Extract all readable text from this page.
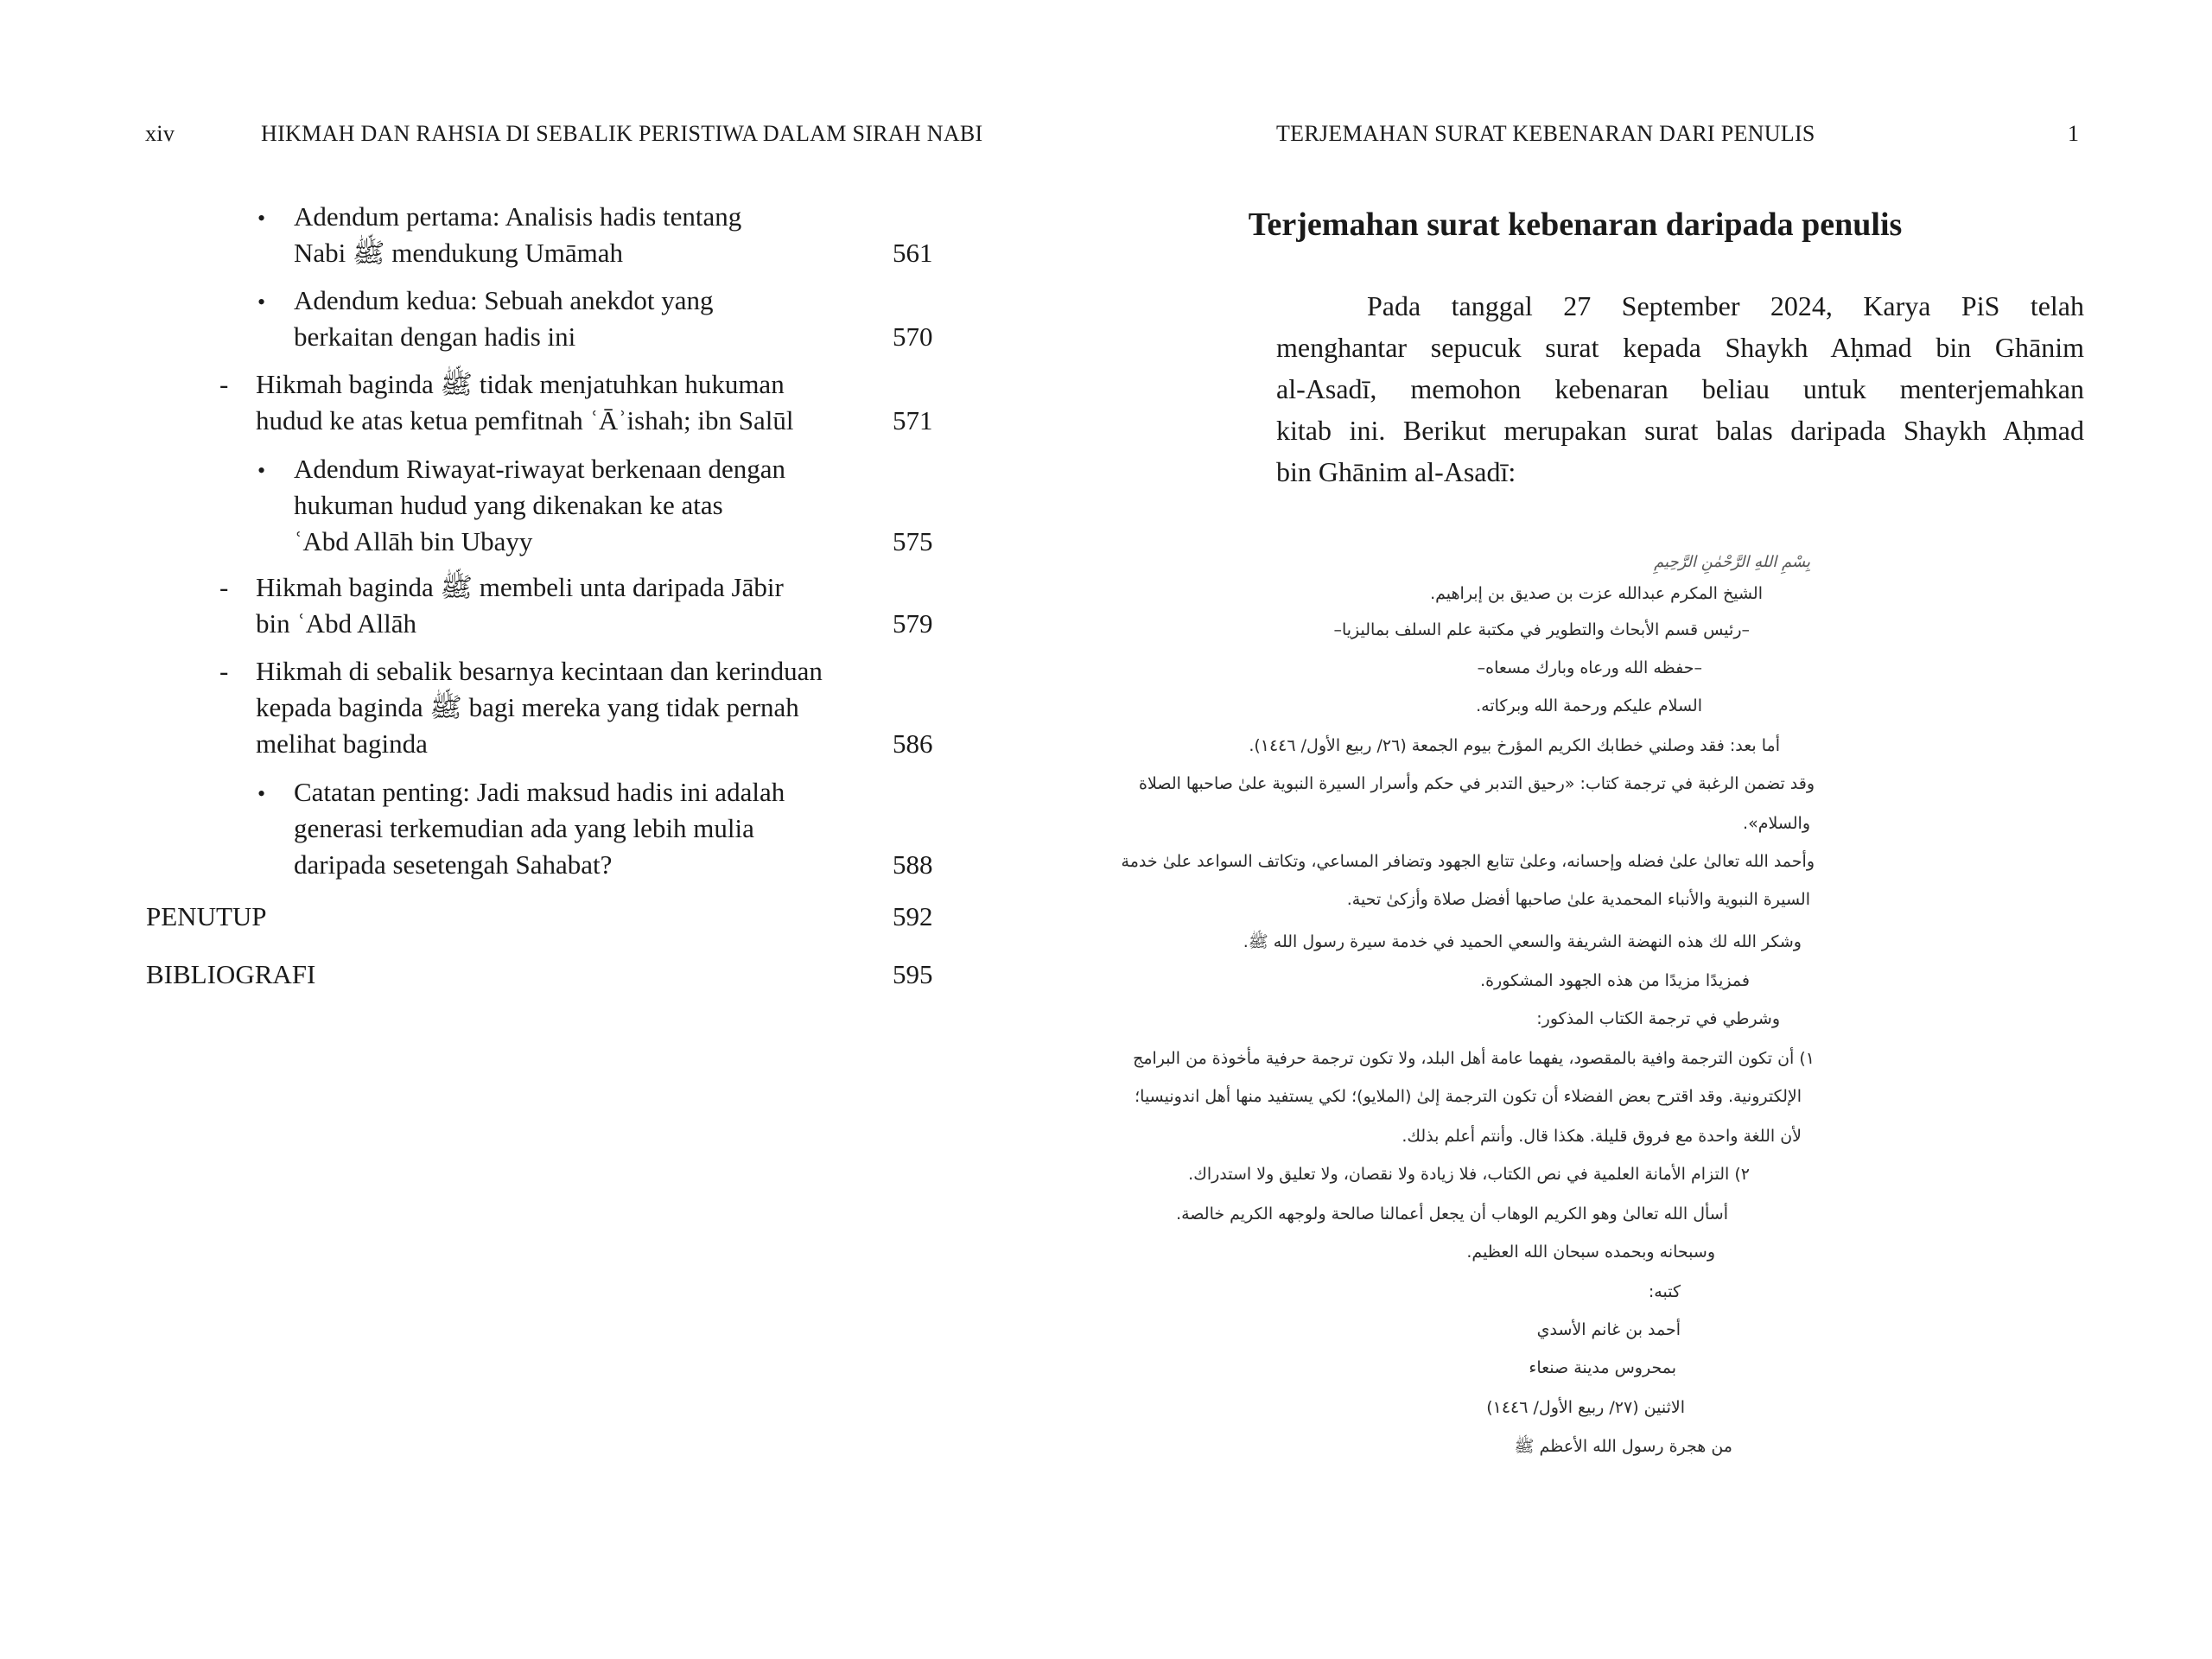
xiv	HIKMAH DAN RAHSIA DI SEBALIK PERISTIWA DALAM SIRAH NABI
• Adendum pertama: Analisis hadis tentang
Nabi ﷺ mendukung Umāmah	561
• Adendum kedua: Sebuah anekdot yang
berkaitan dengan hadis ini	570
- Hikmah baginda ﷺ tidak menjatuhkan hukuman
hudud ke atas ketua pemfitnah ʿĀʾishah; ibn Salūl	571
• Adendum Riwayat-riwayat berkenaan dengan
hukuman hudud yang dikenakan ke atas
ʿAbd Allāh bin Ubayy	575
- Hikmah baginda ﷺ membeli unta daripada Jābir
bin ʿAbd Allāh	579
- Hikmah di sebalik besarnya kecintaan dan kerinduan
kepada baginda ﷺ bagi mereka yang tidak pernah
melihat baginda	586
• Catatan penting: Jadi maksud hadis ini adalah
generasi terkemudian ada yang lebih mulia
daripada sesetengah Sahabat?	588
PENUTUP	592
BIBLIOGRAFI	595
TERJEMAHAN SURAT KEBENARAN DARI PENULIS	1
Terjemahan surat kebenaran daripada penulis
Pada tanggal 27 September 2024, Karya PiS telah
menghantar sepucuk surat kepada Shaykh Aḥmad bin Ghānim
al-Asadī, memohon kebenaran beliau untuk menterjemahkan
kitab ini. Berikut merupakan surat balas daripada Shaykh Aḥmad
bin Ghānim al-Asadī:
بِسْمِ اللهِ الرَّحْمٰنِ الرَّحِيمِ
الشيخ المكرم عبدالله عزت بن صديق بن إبراهيم.
–رئيس قسم الأبحاث والتطوير في مكتبة علم السلف بماليزيا–
–حفظه الله ورعاه وبارك مسعاه–
السلام عليكم ورحمة الله وبركاته.
أما بعد: فقد وصلني خطابك الكريم المؤرخ بيوم الجمعة (٢٦/ ربيع الأول/ ١٤٤٦).
وقد تضمن الرغبة في ترجمة كتاب: «رحيق التدبر في حكم وأسرار السيرة النبوية علىٰ صاحبها الصلاة
والسلام».
وأحمد الله تعالىٰ علىٰ فضله وإحسانه، وعلىٰ تتابع الجهود وتضافر المساعي، وتكاتف السواعد علىٰ خدمة
السيرة النبوية والأنباء المحمدية علىٰ صاحبها أفضل صلاة وأزكىٰ تحية.
وشكر الله لك هذه النهضة الشريفة والسعي الحميد في خدمة سيرة رسول الله ﷺ.
فمزيدًا مزيدًا من هذه الجهود المشكورة.
وشرطي في ترجمة الكتاب المذكور:
١) أن تكون الترجمة وافية بالمقصود، يفهما عامة أهل البلد، ولا تكون ترجمة حرفية مأخوذة من البرامج
الإلكترونية. وقد اقترح بعض الفضلاء أن تكون الترجمة إلىٰ (الملايو)؛ لكي يستفيد منها أهل اندونيسيا؛
لأن اللغة واحدة مع فروق قليلة. هكذا قال. وأنتم أعلم بذلك.
٢) التزام الأمانة العلمية في نص الكتاب، فلا زيادة ولا نقصان، ولا تعليق ولا استدراك.
أسأل الله تعالىٰ وهو الكريم الوهاب أن يجعل أعمالنا صالحة ولوجهه الكريم خالصة.
وسبحانه وبحمده سبحان الله العظيم.
كتبه:
أحمد بن غانم الأسدي
بمحروس مدينة صنعاء
الاثنين (٢٧/ ربيع الأول/ ١٤٤٦)
من هجرة رسول الله الأعظم ﷺ
